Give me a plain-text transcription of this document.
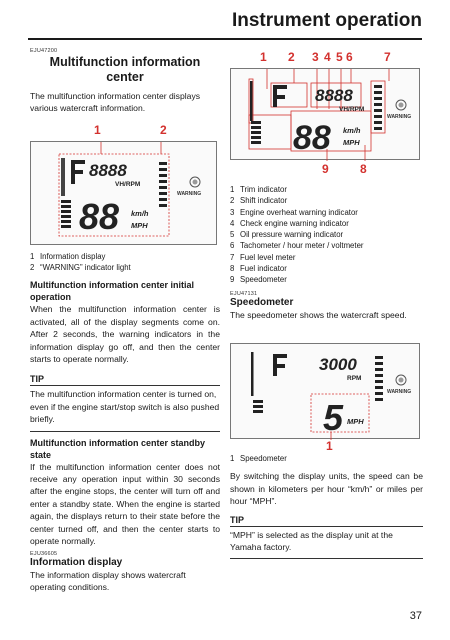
Instrument operation
EJU47200
Multifunction information center
The multifunction information center displays various watercraft information.
1	2
8888
VH/RPM
88 km/h
MPH
WARNING
1 Information display
2 “WARNING” indicator light
Multifunction information center initial operation
When the multifunction information center is activated, all of the display segments come on. After 2 seconds, the warning indicators in the information display go off, and then the center starts to operate normally.
TIP
The multifunction information center is turned on, even if the engine start/stop switch is also pushed briefly.
Multifunction information center standby state
If the multifunction information center does not receive any operation input within 30 seconds after the engine stops, the center will turn off and enter a standby state. When the engine is started again, the displays return to their state before the center turned off, and then the center starts to operate normally.
EJU36605
Information display
The information display shows watercraft operating conditions.
1 2 3 4 5 6	7
8888
VH/RPM
88 km/h
MPH
WARNING
9	8
1 Trim indicator
2 Shift indicator
3 Engine overheat warning indicator
4 Check engine warning indicator
5 Oil pressure warning indicator
6 Tachometer / hour meter / voltmeter
7 Fuel level meter
8 Fuel indicator
9 Speedometer
EJU47131
Speedometer
The speedometer shows the watercraft speed.
3000
RPM
5 MPH
WARNING
1
1 Speedometer
By switching the display units, the speed can be shown in kilometers per hour “km/h” or miles per hour “MPH”.
TIP
“MPH” is selected as the display unit at the Yamaha factory.
37
